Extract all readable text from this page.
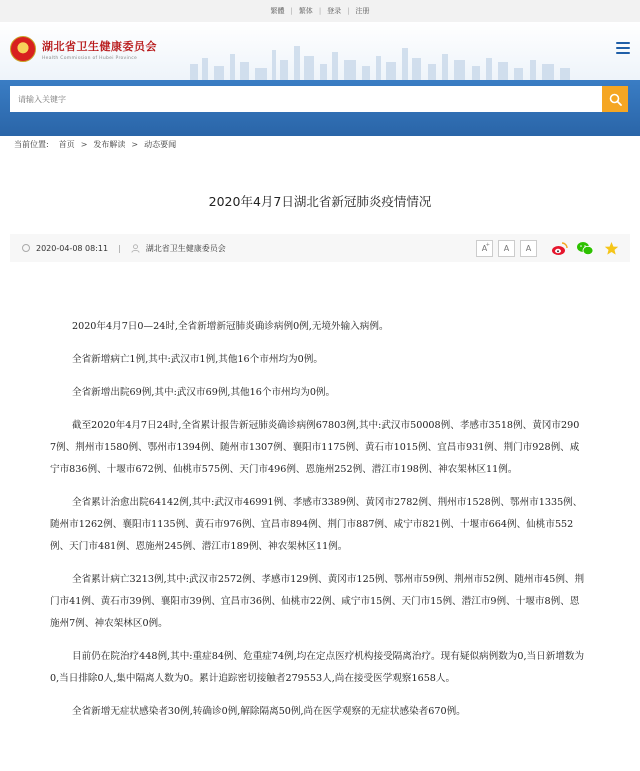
繁體 | 繁体 | 登录 | 注册
★ 湖北省卫生健康委员会
Health Commission of Hubei Province
请输入关键字
当前位置: 首页 > 发布解读 > 动态要闻
2020年4月7日湖北省新冠肺炎疫情情况
2020-04-08 08:11 |	湖北省卫生健康委员会	A
+	A	A

2020年4月7日0—24时,全省新增新冠肺炎确诊病例0例,无境外输入病例。

全省新增病亡1例,其中:武汉市1例,其他16个市州均为0例。

全省新增出院69例,其中:武汉市69例,其他16个市州均为0例。

截至2020年4月7日24时,全省累计报告新冠肺炎确诊病例67803例,其中:武汉市50008例、孝感市3518例、黄冈市2907例、荆州市1580例、鄂州市1394例、随州市1307例、襄阳市1175例、黄石市1015例、宜昌市931例、荆门市928例、咸宁市836例、十堰市672例、仙桃市575例、天门市496例、恩施州252例、潜江市198例、神农架林区11例。

全省累计治愈出院64142例,其中:武汉市46991例、孝感市3389例、黄冈市2782例、荆州市1528例、鄂州市1335例、随州市1262例、襄阳市1135例、黄石市976例、宜昌市894例、荆门市887例、咸宁市821例、十堰市664例、仙桃市552例、天门市481例、恩施州245例、潜江市189例、神农架林区11例。

全省累计病亡3213例,其中:武汉市2572例、孝感市129例、黄冈市125例、鄂州市59例、荆州市52例、随州市45例、荆门市41例、黄石市39例、襄阳市39例、宜昌市36例、仙桃市22例、咸宁市15例、天门市15例、潜江市9例、十堰市8例、恩施州7例、神农架林区0例。

目前仍在院治疗448例,其中:重症84例、危重症74例,均在定点医疗机构接受隔离治疗。现有疑似病例数为0,当日新增数为0,当日排除0人,集中隔离人数为0。累计追踪密切接触者279553人,尚在接受医学观察1658人。

全省新增无症状感染者30例,转确诊0例,解除隔离50例,尚在医学观察的无症状感染者670例。
